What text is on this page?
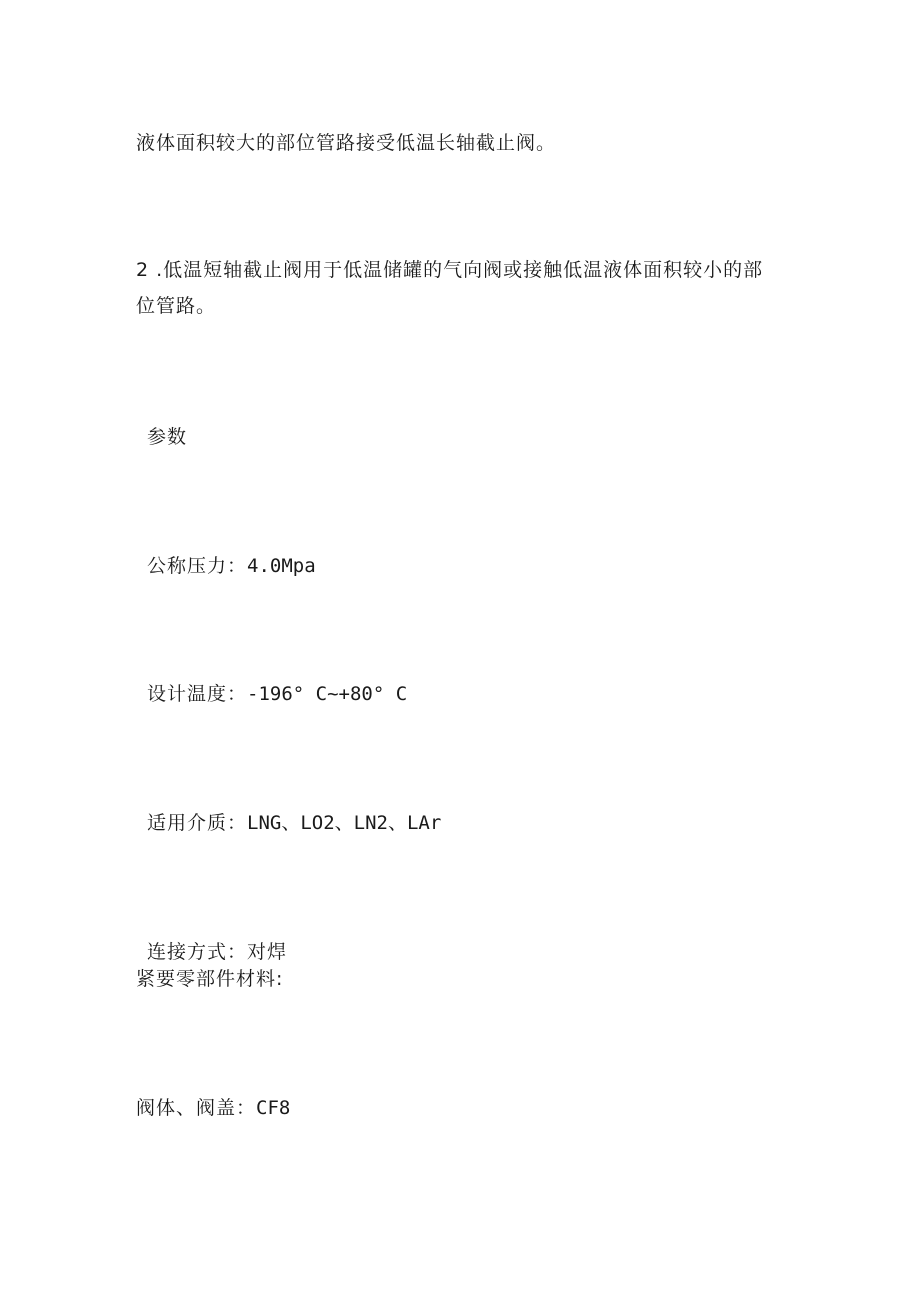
液体面积较大的部位管路接受低温长轴截止阀。
2 .低温短轴截止阀用于低温储罐的气向阀或接触低温液体面积较小的部
位管路。
参数
公称压力：4.0Mpa
设计温度：-196° C~+80° C
适用介质：LNG、LO2、LN2、LAr
连接方式：对焊
紧要零部件材料:
阀体、阀盖：CF8
